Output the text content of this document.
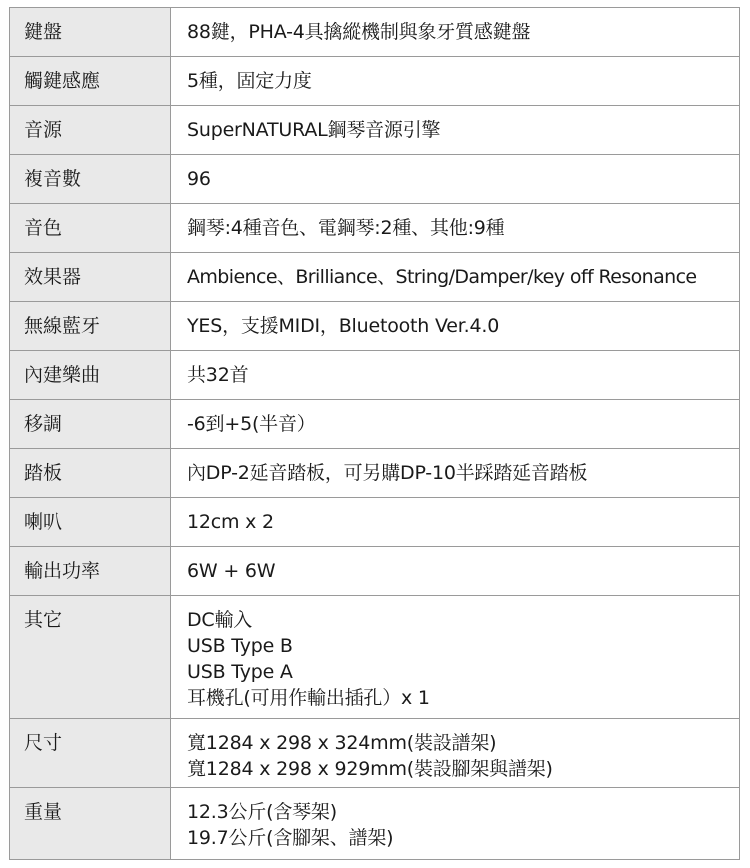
鍵盤	88鍵，PHA-4具擒縱機制與象牙質感鍵盤

觸鍵感應	5種，固定力度

音源	SuperNATURAL鋼琴音源引擎

複音數	96

音色	鋼琴:4種音色、電鋼琴:2種、其他:9種

效果器	Ambience、Brilliance、String/Damper/key off Resonance

無線藍牙	YES，支援MIDI，Bluetooth Ver.4.0

內建樂曲	共32首

移調	-6到+5(半音）

踏板	內DP-2延音踏板，可另購DP-10半踩踏延音踏板

喇叭	12cm x 2

輸出功率	6W + 6W

其它	DC輸入
USB Type B
USB Type A
耳機孔(可用作輸出插孔）x 1

尺寸	寬1284 x 298 x 324mm(裝設譜架)
寬1284 x 298 x 929mm(裝設腳架與譜架)

重量	12.3公斤(含琴架)
19.7公斤(含腳架、譜架)
